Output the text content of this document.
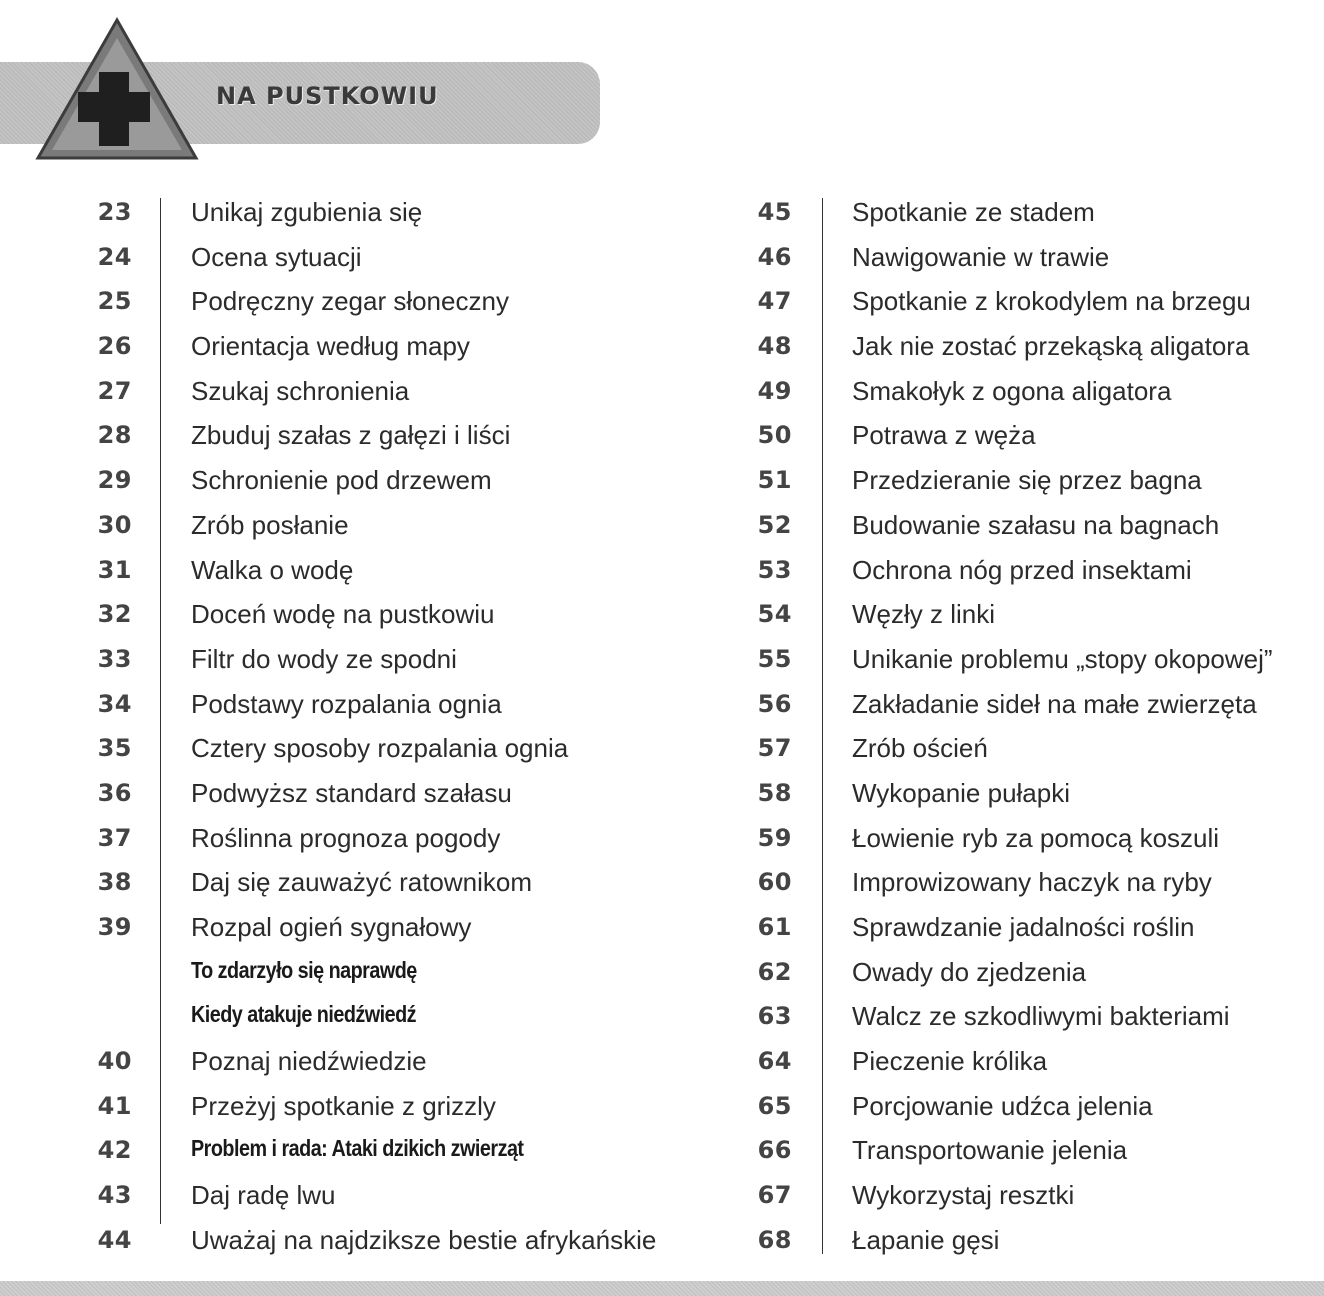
NA PUSTKOWIU
23 Unikaj zgubienia się
24 Ocena sytuacji
25 Podręczny zegar słoneczny
26 Orientacja według mapy
27 Szukaj schronienia
28 Zbuduj szałas z gałęzi i liści
29 Schronienie pod drzewem
30 Zrób posłanie
31 Walka o wodę
32 Doceń wodę na pustkowiu
33 Filtr do wody ze spodni
34 Podstawy rozpalania ognia
35 Cztery sposoby rozpalania ognia
36 Podwyższ standard szałasu
37 Roślinna prognoza pogody
38 Daj się zauważyć ratownikom
39 Rozpal ogień sygnałowy
To zdarzyło się naprawdę
Kiedy atakuje niedźwiedź
40 Poznaj niedźwiedzie
41 Przeżyj spotkanie z grizzly
42	Problem i rada: Ataki dzikich zwierząt
43 Daj radę lwu
44 Uważaj na najdziksze bestie afrykańskie
45 Spotkanie ze stadem
46 Nawigowanie w trawie
47 Spotkanie z krokodylem na brzegu
48 Jak nie zostać przekąską aligatora
49 Smakołyk z ogona aligatora
50 Potrawa z węża
51 Przedzieranie się przez bagna
52 Budowanie szałasu na bagnach
53 Ochrona nóg przed insektami
54 Węzły z linki
55 Unikanie problemu „stopy okopowej”
56 Zakładanie sideł na małe zwierzęta
57 Zrób oścień
58 Wykopanie pułapki
59 Łowienie ryb za pomocą koszuli
60 Improwizowany haczyk na ryby
61 Sprawdzanie jadalności roślin
62 Owady do zjedzenia
63 Walcz ze szkodliwymi bakteriami
64 Pieczenie królika
65 Porcjowanie udźca jelenia
66 Transportowanie jelenia
67 Wykorzystaj resztki
68 Łapanie gęsi
